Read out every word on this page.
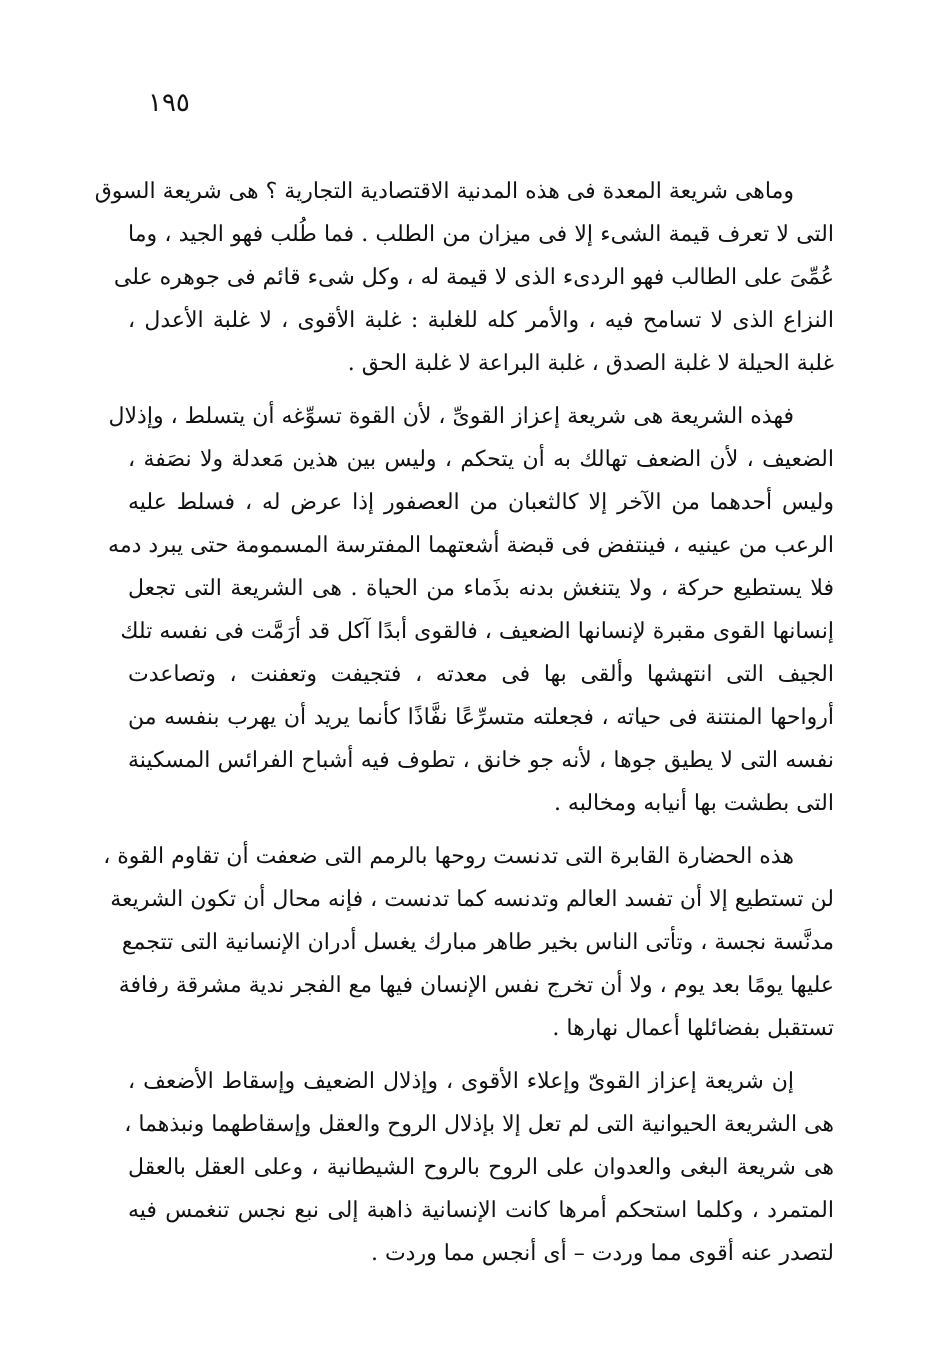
١٩٥

وماهى شريعة المعدة فى هذه المدنية الاقتصادية التجارية ؟ هى شريعة السوق
التى لا تعرف قيمة الشىء إلا فى ميزان من الطلب . فما طُلب فهو الجيد ، وما
عُمِّىَ على الطالب فهو الردىء الذى لا قيمة له ، وكل شىء قائم فى جوهره على
النزاع الذى لا تسامح فيه ، والأمر كله للغلبة : غلبة الأقوى ، لا غلبة الأعدل ،
غلبة الحيلة لا غلبة الصدق ، غلبة البراعة لا غلبة الحق .

فهذه الشريعة هى شريعة إعزاز القوىِّ ، لأن القوة تسوِّغه أن يتسلط ، وإذلال
الضعيف ، لأن الضعف تهالك به أن يتحكم ، وليس بين هذين مَعدلة ولا نصَفة ،
وليس أحدهما من الآخر إلا كالثعبان من العصفور إذا عرض له ، فسلط عليه
الرعب من عينيه ، فينتفض فى قبضة أشعتهما المفترسة المسمومة حتى يبرد دمه
فلا يستطيع حركة ، ولا يتنغش بدنه بذَماء من الحياة . هى الشريعة التى تجعل
إنسانها القوى مقبرة لإنسانها الضعيف ، فالقوى أبدًا آكل قد أرَمَّت فى نفسه تلك
الجيف التى انتهشها وألقى بها فى معدته ، فتجيفت وتعفنت ، وتصاعدت
أرواحها المنتنة فى حياته ، فجعلته متسرِّعًا نفَّاذًا كأنما يريد أن يهرب بنفسه من
نفسه التى لا يطيق جوها ، لأنه جو خانق ، تطوف فيه أشباح الفرائس المسكينة
التى بطشت بها أنيابه ومخالبه .

هذه الحضارة القابرة التى تدنست روحها بالرمم التى ضعفت أن تقاوم القوة ،
لن تستطيع إلا أن تفسد العالم وتدنسه كما تدنست ، فإنه محال أن تكون الشريعة
مدنَّسة نجسة ، وتأتى الناس بخير طاهر مبارك يغسل أدران الإنسانية التى تتجمع
عليها يومًا بعد يوم ، ولا أن تخرج نفس الإنسان فيها مع الفجر ندية مشرقة رفافة
تستقبل بفضائلها أعمال نهارها .

إن شريعة إعزاز القوىّ وإعلاء الأقوى ، وإذلال الضعيف وإسقاط الأضعف ،
هى الشريعة الحيوانية التى لم تعل إلا بإذلال الروح والعقل وإسقاطهما ونبذهما ،
هى شريعة البغى والعدوان على الروح بالروح الشيطانية ، وعلى العقل بالعقل
المتمرد ، وكلما استحكم أمرها كانت الإنسانية ذاهبة إلى نبع نجس تنغمس فيه
لتصدر عنه أقوى مما وردت – أى أنجس مما وردت .
